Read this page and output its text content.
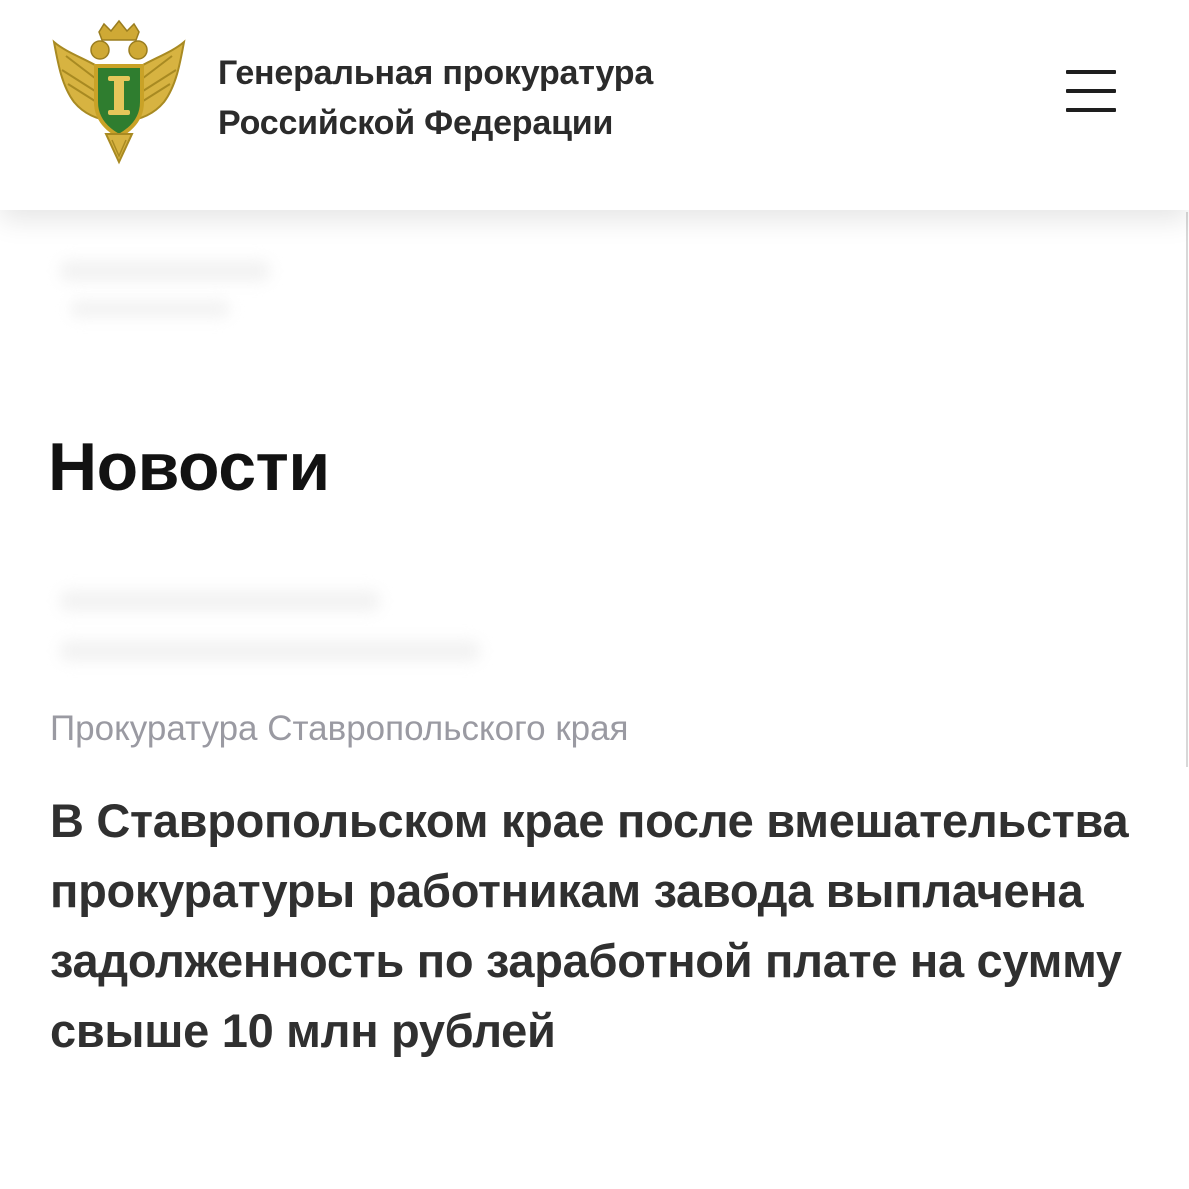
Генеральная прокуратура
Российской Федерации
Новости
Прокуратура Ставропольского края
В Ставропольском крае после вмешательства прокуратуры работникам завода выплачена задолженность по заработной плате на сумму свыше 10 млн рублей
